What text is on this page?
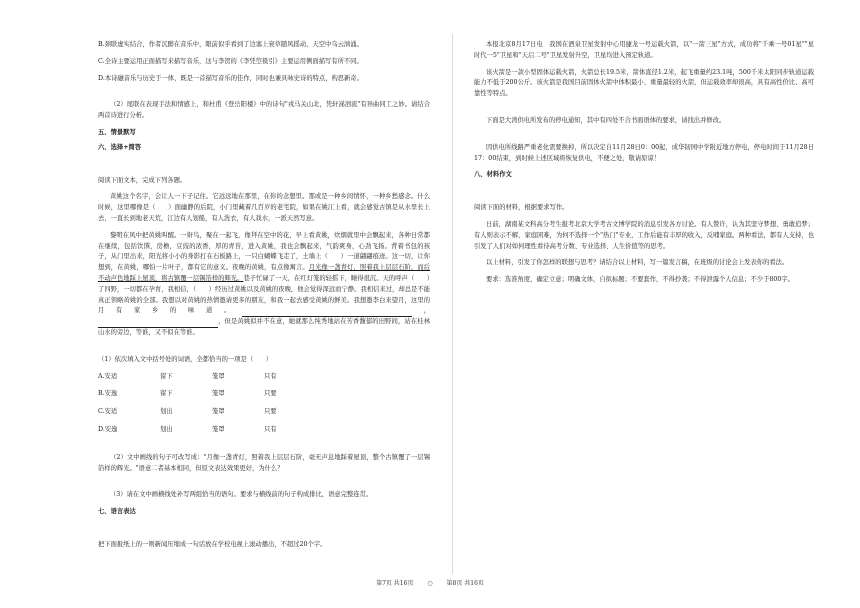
B.颈联虚实结合，作者沉醉在音乐中，眼前似乎看到了边塞上衰草随风摇动，天空中乌云汹涌。

C.全诗主要运用正面描写来描写音乐，这与李贺的《李凭箜篌引》主要运用侧面描写有所不同。

D.本诗融音乐与历史于一体，既是一首描写音乐的佳作，同时也兼具咏史诗的特点，构思新奇。

（2）尾联在表现手法和情感上，和杜甫《登岳阳楼》中的诗句"戎马关山北，凭轩涕泗流"有异曲同工之妙。请结合两首诗进行分析。

五、情景默写

六、选择+简答

阅读下面文本，完成下列各题。

黄姚这个名字，会让人一下子记住。它远远地在那里，在你的念想里。那或是一种乡间情怀，一种乡愁感念。什么时候，这里哪像是（　　）面幽静的后院，小门里藏着几百岁的老宅院，如果在姚江上看，就会感觉古镇是从水里长上去，一直长到地老天荒，江边有人划船，有人洗衣，有人戏水，一派天然写意。

黎明在风中把黄姚叫醒。一鼾鸟，聚在一起飞，像拜在空中的花，早上看黄姚，炊烟就里中会飘起来，各种日常都在继续，包括饮馔，房檐，豆豉的浓香，厚的青苔，进入黄姚，我也会飘起来，气韵爽身，心劲飞扬。背着书包的孩子，从门里出来，阳光将小小的身影打在石板路上，一只白蝴蝶飞走了，土墙上（　　）一道翩翩痕迹。这一切，让你想到，在黄姚，哪怕一片叶子，都有它的意义。夜晚的黄姚，有点像寓言。月光像一盏青灯，照着我上层层石阶，而后不动声色地踩上屋顶，将古镇覆一层锡箔样的辉光。巷子忙碌了一天，在红灯笼的轻摇下，睡得很沉。天的呼声（　　）了四野，一切都在孕育，我相信，（　　）经历过黄姚以及黄姚的夜晚，他会觉得深远而宁静。我相信来过，却总是不能真正领略黄姚的全部。我想以对黄姚的热情邀请更多的朋友，和我一起去感受黄姚的鲜美。我想邀李白来望月，这里的月有家乡的味道。	，，但是黄姚似并不在意，她就那么纯秀地站在芳香馥郁的田野间，站在桂林山水的旁边，等谁，又不似在等谁。

（1）依次填入文中括号处的词语，全都恰当的一项是（　　）

A.安适	留下	笼罩	只有
B.安逸	留下	笼罩	只要
C.安适	划出	笼罩	只要
D.安逸	划出	笼罩	只有

（2）文中画线的句子可改写成："月像一盏青灯，照着我上层层石阶，毫无声息地踩着屋顶，整个古镇覆了一层锡箔样的辉光。"语意二者基本相同，但原文表达效果更好，为什么？

（3）请在文中画横线处补写两组恰当的语句。要求与横线前的句子构成排比，语意完整连贯。

七、语言表达

把下面报纸上的一则新闻压缩成一句话放在学校电视上滚动播出，不超过20个字。

本报北京8月17日电　我国在酒泉卫星发射中心用捷龙一号运载火箭，以"一箭三星"方式，成功将"千乘一号01星""星时代一5"卫星和"天启二号"卫星发射升空，卫星均进入预定轨道。

该火箭是一款小型固体运载火箭，火箭总长19.5米，箭体直径1.2米，起飞重量约23.1吨，500千米太阳同步轨道运载能力不低于200公斤。该火箭是我国目前固体火箭中体积最小、重量最轻的火箭，但运载效率却很高，具有高性价比、高可靠性等特点。

下面是大湾供电所发布的停电通知，其中有四处不合书面语体的要求，请找出并修改。

因供电所线路严重老化需要换掉，所以决定自11月28日0：00起，成华韧园中学附近地方停电，停电时间于11月28日17：00结束，到时候上述区域将恢复供电，不便之处，敬请原谅！

八、材料作文

阅读下面的材料，根据要求写作。

日前，湖南某文科高分考生报考北京大学考古文博学院的消息引发各方讨论。有人赞许，认为其坚守梦想、勇敢追梦；有人则表示不解，家庭困难，为何不选择一个"热门"专业，工作后能有丰厚的收入，反哺家庭。两种看法，都有人支持，也引发了人们对如何理性看待高考分数、专业选择、人生价值等的思考。

以上材料，引发了你怎样的联想与思考？请结合以上材料，写一篇发言稿，在班级的讨论会上发表你的看法。

要求：选准角度，确定立意；明确文体，自拟标题；不要套作，不得抄袭；不得泄露个人信息；不少于800字。

第7页 共16页 ○ 第8页 共16页
